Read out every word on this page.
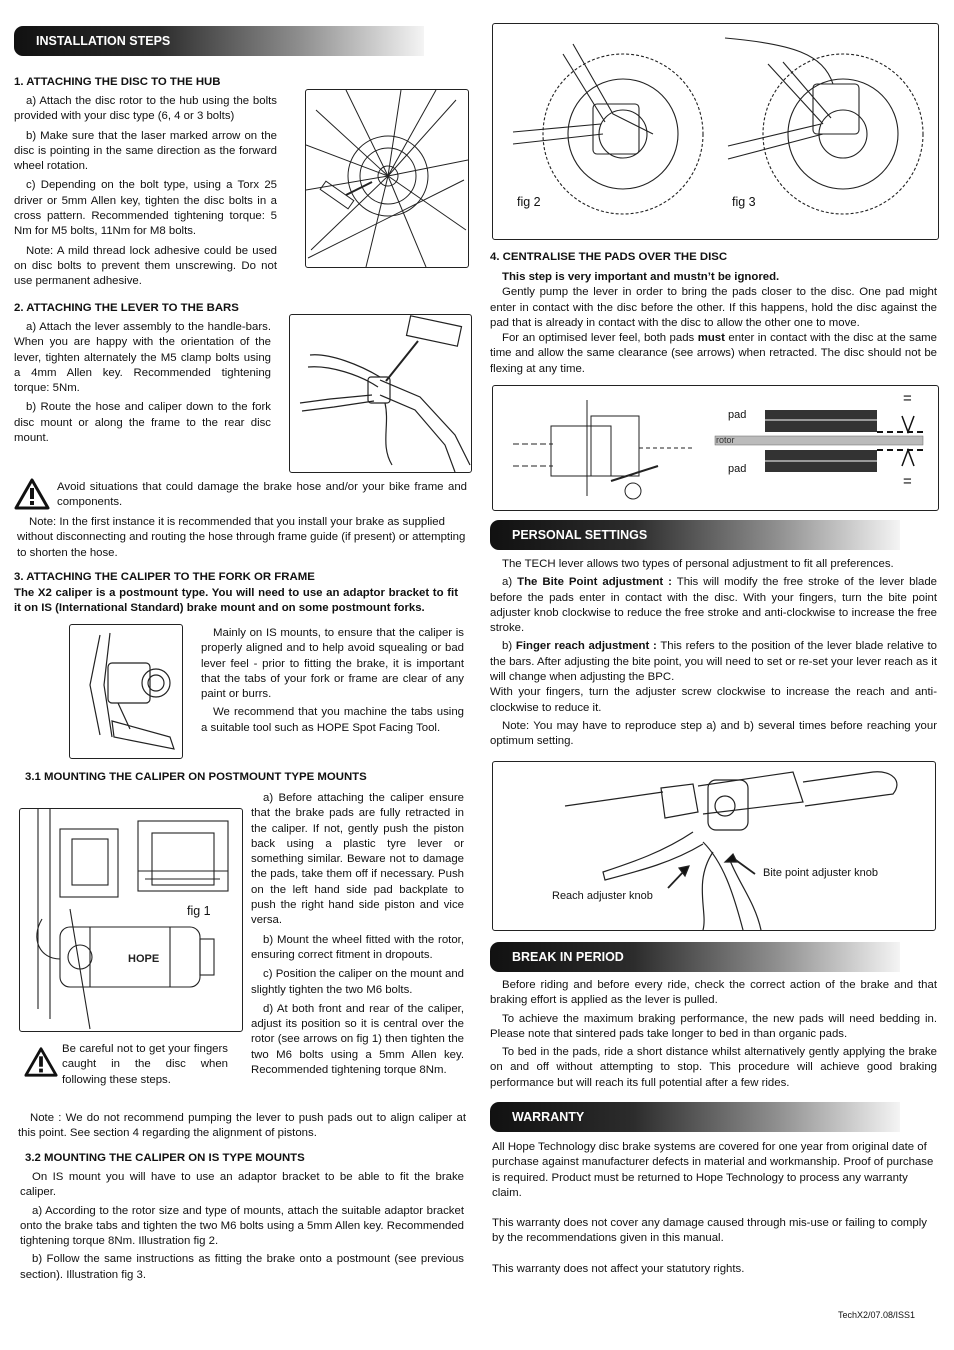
INSTALLATION STEPS
1. ATTACHING THE DISC TO THE HUB

a) Attach the disc rotor to the hub using the bolts provided with your disc type (6, 4 or 3 bolts)

b) Make sure that the laser marked arrow on the disc is pointing in the same direction as the forward wheel rotation.

c) Depending on the bolt type, using a Torx 25 driver or 5mm Allen key, tighten the disc bolts in a cross pattern. Recommended tightening torque: 5 Nm for M5 bolts, 11Nm for M8 bolts.

Note: A mild thread lock adhesive could be used on disc bolts to prevent them unscrewing. Do not use permanent adhesive.

2. ATTACHING THE LEVER TO THE BARS

a) Attach the lever assembly to the handle-bars. When you are happy with the orientation of the lever, tighten alternately the M5 clamp bolts using a 4mm Allen key. Recommended tightening torque: 5Nm.

b) Route the hose and caliper down to the fork disc mount or along the frame to the rear disc mount.

Avoid situations that could damage the brake hose and/or your bike frame and components.

Note: In the first instance it is recommended that you install your brake as supplied without disconnecting and routing the hose through frame guide (if present) or attempting to shorten the hose.

3. ATTACHING THE CALIPER TO THE FORK OR FRAME

The X2 caliper is a postmount type. You will need to use an adaptor bracket to fit it on IS (International Standard) brake mount and on some postmount forks.

Mainly on IS mounts, to ensure that the caliper is properly aligned and to help avoid squealing or bad lever feel - prior to fitting the brake, it is important that the tabs of your fork or frame are clear of any paint or burrs.

We recommend that you machine the tabs using a suitable tool such as HOPE Spot Facing Tool.

3.1 MOUNTING THE CALIPER ON POSTMOUNT TYPE MOUNTS
HOPE
fig 1

a) Before attaching the caliper ensure that the brake pads are fully retracted in the caliper. If not, gently push the piston back using a plastic tyre lever or something similar. Beware not to damage the pads, take them off if necessary. Push on the left hand side pad backplate to push the right hand side piston and vice versa.

b) Mount the wheel fitted with the rotor, ensuring correct fitment in dropouts.

c) Position the caliper on the mount and slightly tighten the two M6 bolts.

d) At both front and rear of the caliper, adjust its position so it is central over the rotor (see arrows on fig 1) then tighten the two M6 bolts using a 5mm Allen key. Recommended tightening torque 8Nm.

Be careful not to get your fingers caught in the disc when following these steps.

Note : We do not recommend pumping the lever to push pads out to align caliper at this point. See section 4 regarding the alignment of pistons.

3.2 MOUNTING THE CALIPER ON IS TYPE MOUNTS

On IS mount you will have to use an adaptor bracket to be able to fit the brake caliper.

a) According to the rotor size and type of mounts, attach the suitable adaptor bracket onto the brake tabs and tighten the two M6 bolts using a 5mm Allen key. Recommended tightening torque 8Nm. Illustration fig 2.

b) Follow the same instructions as fitting the brake onto a postmount (see previous section). Illustration fig 3.

fig 2	fig 3
4. CENTRALISE THE PADS OVER THE DISC

This step is very important and mustn’t be ignored.

Gently pump the lever in order to bring the pads closer to the disc. One pad might enter in contact with the disc before the other. If this happens, hold the disc against the pad that is already in contact with the disc to allow the other one to move.

For an optimised lever feel, both pads must enter in contact with the disc at the same time and allow the same clearance (see arrows) when retracted. The disc should not be flexing at any time.

pad
rotor
pad
=
=
PERSONAL SETTINGS

The TECH lever allows two types of personal adjustment to fit all preferences.

a) The Bite Point adjustment : This will modify the free stroke of the lever blade before the pads enter in contact with the disc. With your fingers, turn the bite point adjuster knob clockwise to reduce the free stroke and anti-clockwise to increase the free stroke.

b) Finger reach adjustment : This refers to the position of the lever blade relative to the bars. After adjusting the bite point, you will need to set or re-set your lever reach as it will change when adjusting the BPC.

With your fingers, turn the adjuster screw clockwise to increase the reach and anti-clockwise to reduce it.

Note: You may have to reproduce step a) and b) several times before reaching your optimum setting.

Bite point adjuster knob
Reach adjuster knob
BREAK IN PERIOD

Before riding and before every ride, check the correct action of the brake and that braking effort is applied as the lever is pulled.

To achieve the maximum braking performance, the new pads will need bedding in. Please note that sintered pads take longer to bed in than organic pads.

To bed in the pads, ride a short distance whilst alternatively gently applying the brake on and off without attempting to stop. This procedure will achieve good braking performance but will reach its full potential after a few rides.

WARRANTY

All Hope Technology disc brake systems are covered for one year from original date of purchase against manufacturer defects in material and workmanship. Proof of purchase is required. Product must be returned to Hope Technology to process any warranty claim.

This warranty does not cover any damage caused through mis-use or failing to comply by the recommendations given in this manual.

This warranty does not affect your statutory rights.

TechX2/07.08/ISS1
